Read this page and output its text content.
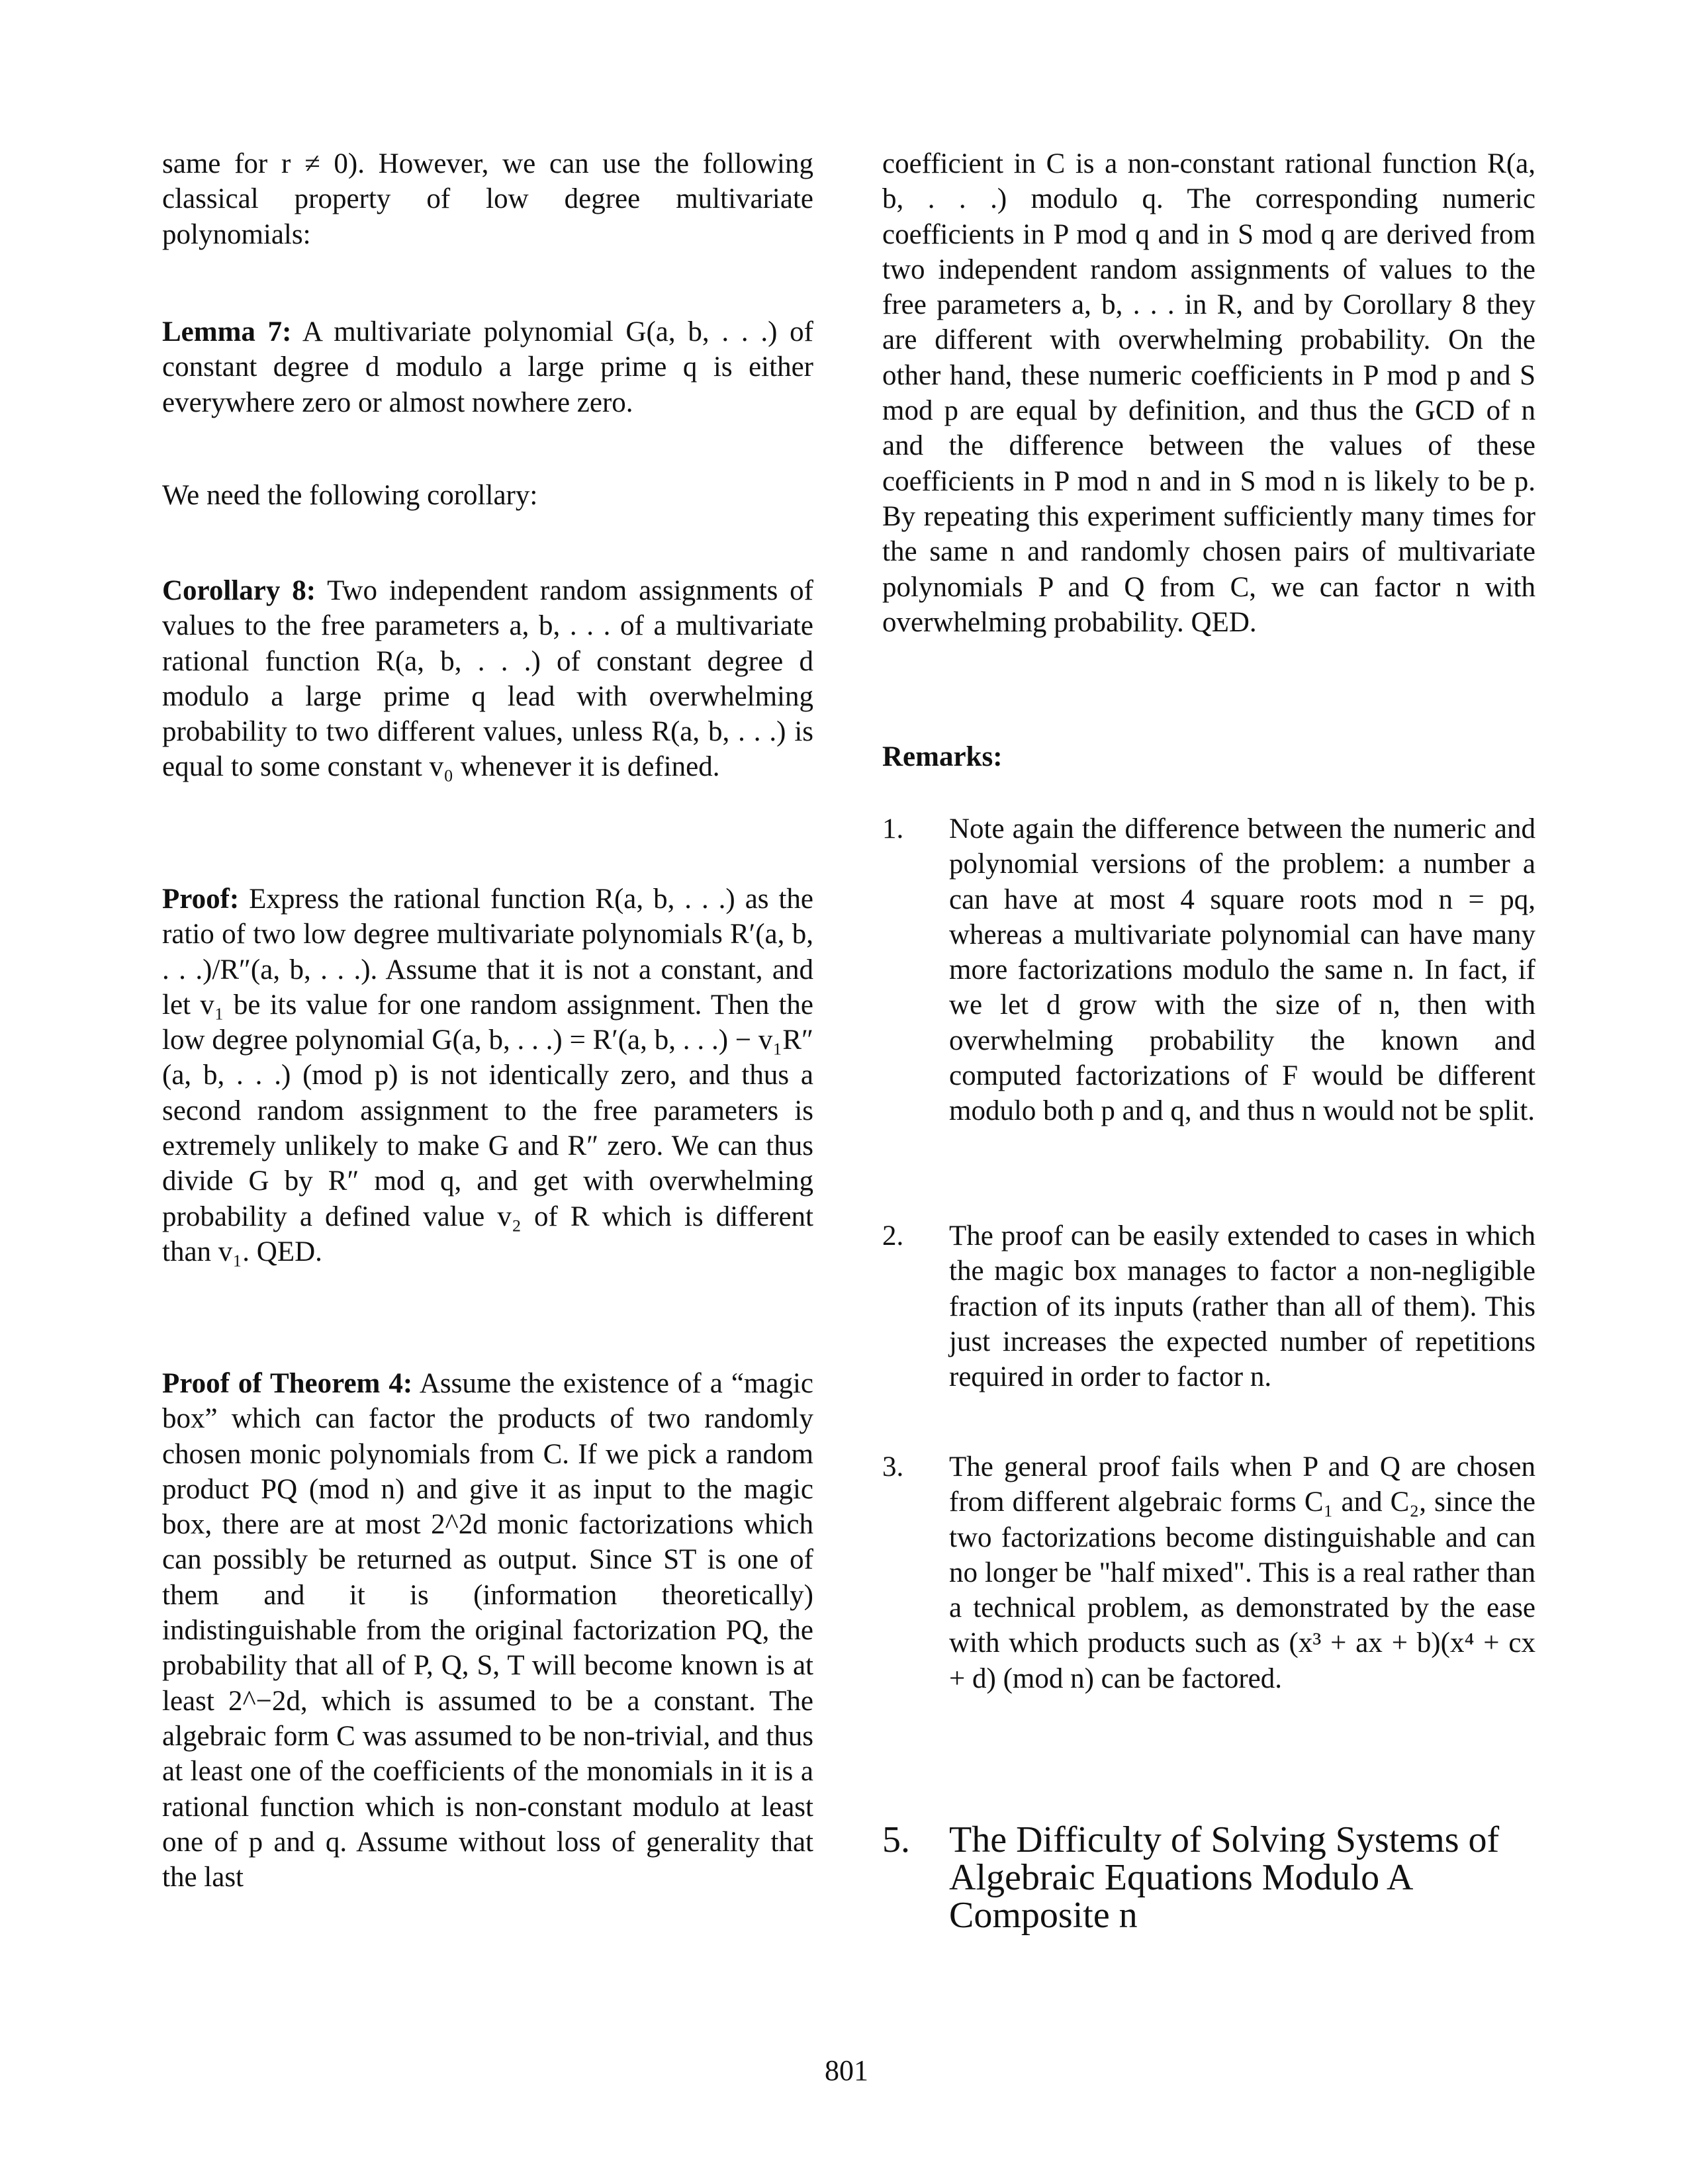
same for r ≠ 0). However, we can use the following classical property of low degree multivariate polynomials:
Lemma 7: A multivariate polynomial G(a, b, . . .) of constant degree d modulo a large prime q is either everywhere zero or almost nowhere zero.
We need the following corollary:
Corollary 8: Two independent random assignments of values to the free parameters a, b, . . . of a multivariate rational function R(a, b, . . .) of constant degree d modulo a large prime q lead with overwhelming probability to two different values, unless R(a, b, . . .) is equal to some constant v₀ whenever it is defined.
Proof: Express the rational function R(a, b, . . .) as the ratio of two low degree multivariate polynomials R′(a, b, . . .)/R″(a, b, . . .). Assume that it is not a constant, and let v₁ be its value for one random assignment. Then the low degree polynomial G(a, b, . . .) = R′(a, b, . . .) − v₁R″(a, b, . . .) (mod p) is not identically zero, and thus a second random assignment to the free parameters is extremely unlikely to make G and R″ zero. We can thus divide G by R″ mod q, and get with overwhelming probability a defined value v₂ of R which is different than v₁. QED.
Proof of Theorem 4: Assume the existence of a “magic box” which can factor the products of two randomly chosen monic polynomials from C. If we pick a random product PQ (mod n) and give it as input to the magic box, there are at most 2^2d monic factorizations which can possibly be returned as output. Since ST is one of them and it is (information theoretically) indistinguishable from the original factorization PQ, the probability that all of P, Q, S, T will become known is at least 2^−2d, which is assumed to be a constant. The algebraic form C was assumed to be non-trivial, and thus at least one of the coefficients of the monomials in it is a rational function which is non-constant modulo at least one of p and q. Assume without loss of generality that the last
coefficient in C is a non-constant rational function R(a, b, . . .) modulo q. The corresponding numeric coefficients in P mod q and in S mod q are derived from two independent random assignments of values to the free parameters a, b, . . . in R, and by Corollary 8 they are different with overwhelming probability. On the other hand, these numeric coefficients in P mod p and S mod p are equal by definition, and thus the GCD of n and the difference between the values of these coefficients in P mod n and in S mod n is likely to be p. By repeating this experiment sufficiently many times for the same n and randomly chosen pairs of multivariate polynomials P and Q from C, we can factor n with overwhelming probability. QED.
Remarks:
1. Note again the difference between the numeric and polynomial versions of the problem: a number a can have at most 4 square roots mod n = pq, whereas a multivariate polynomial can have many more factorizations modulo the same n. In fact, if we let d grow with the size of n, then with overwhelming probability the known and computed factorizations of F would be different modulo both p and q, and thus n would not be split.
2. The proof can be easily extended to cases in which the magic box manages to factor a non-negligible fraction of its inputs (rather than all of them). This just increases the expected number of repetitions required in order to factor n.
3. The general proof fails when P and Q are chosen from different algebraic forms C₁ and C₂, since the two factorizations become distinguishable and can no longer be "half mixed". This is a real rather than a technical problem, as demonstrated by the ease with which products such as (x³ + ax + b)(x⁴ + cx + d) (mod n) can be factored.
5. The Difficulty of Solving Systems of Algebraic Equations Modulo A Composite n
801
